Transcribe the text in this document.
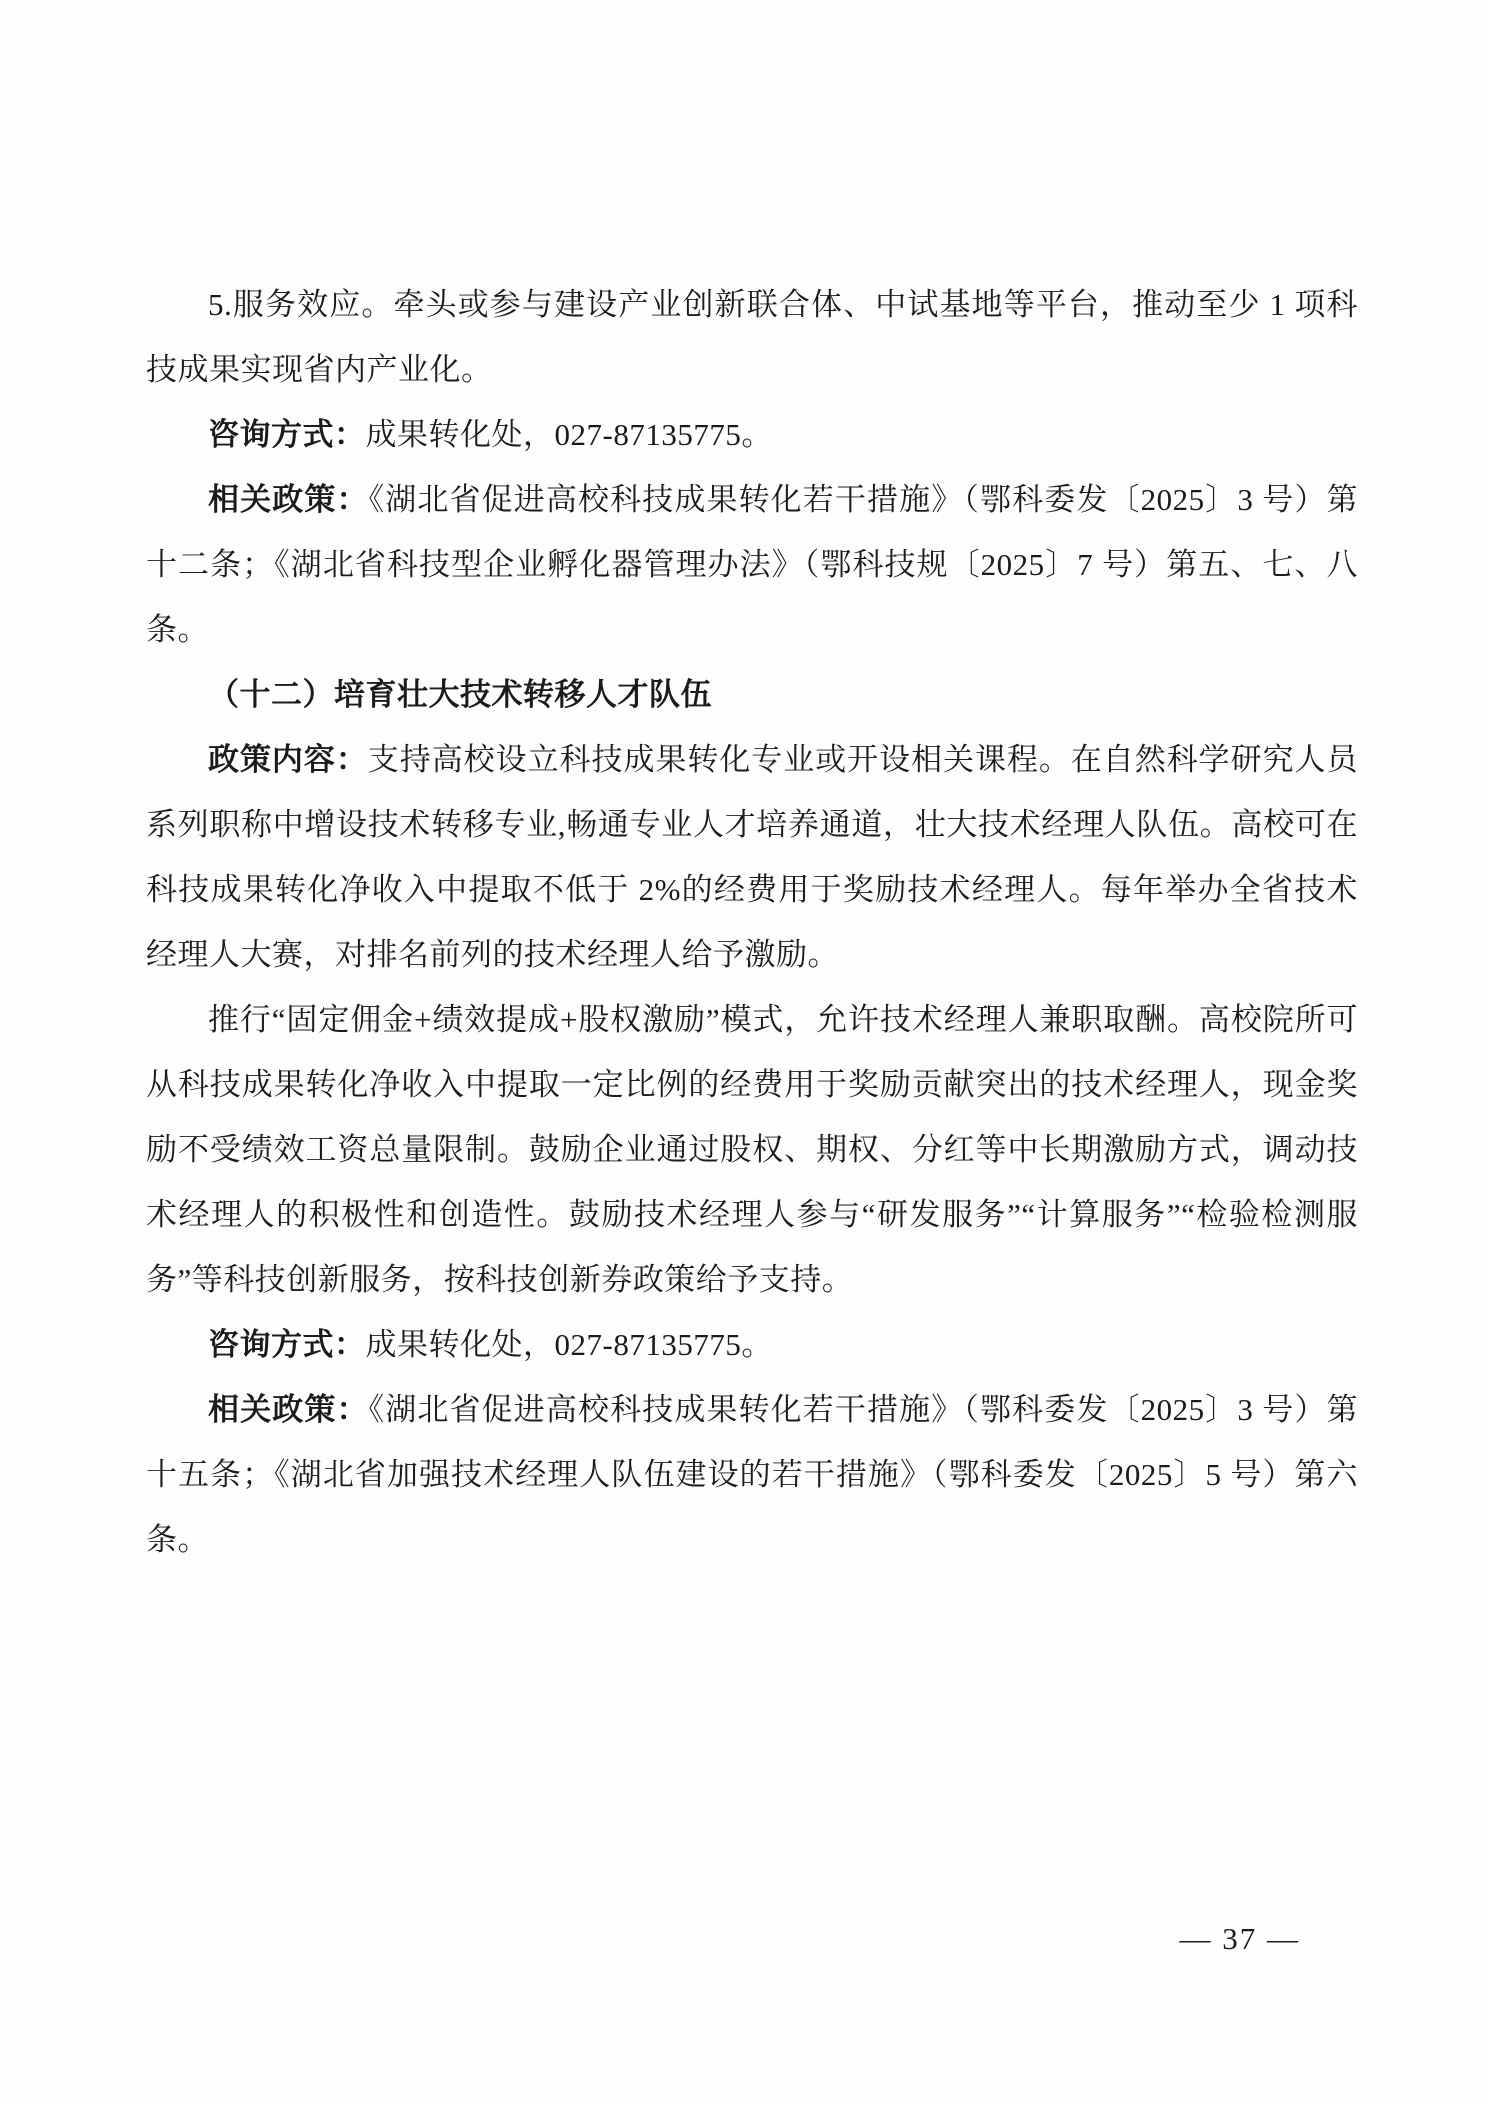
5.服务效应。牵头或参与建设产业创新联合体、中试基地等平台，推动至少 1 项科技成果实现省内产业化。

咨询方式：成果转化处，027-87135775。

相关政策：《湖北省促进高校科技成果转化若干措施》（鄂科委发〔2025〕3 号）第十二条；《湖北省科技型企业孵化器管理办法》（鄂科技规〔2025〕7 号）第五、七、八条。

（十二）培育壮大技术转移人才队伍

政策内容：支持高校设立科技成果转化专业或开设相关课程。在自然科学研究人员系列职称中增设技术转移专业,畅通专业人才培养通道，壮大技术经理人队伍。高校可在科技成果转化净收入中提取不低于 2%的经费用于奖励技术经理人。每年举办全省技术经理人大赛，对排名前列的技术经理人给予激励。

推行“固定佣金+绩效提成+股权激励”模式，允许技术经理人兼职取酬。高校院所可从科技成果转化净收入中提取一定比例的经费用于奖励贡献突出的技术经理人，现金奖励不受绩效工资总量限制。鼓励企业通过股权、期权、分红等中长期激励方式，调动技术经理人的积极性和创造性。鼓励技术经理人参与“研发服务”“计算服务”“检验检测服务”等科技创新服务，按科技创新券政策给予支持。

咨询方式：成果转化处，027-87135775。

相关政策：《湖北省促进高校科技成果转化若干措施》（鄂科委发〔2025〕3 号）第十五条；《湖北省加强技术经理人队伍建设的若干措施》（鄂科委发〔2025〕5 号）第六条。

— 37 —
